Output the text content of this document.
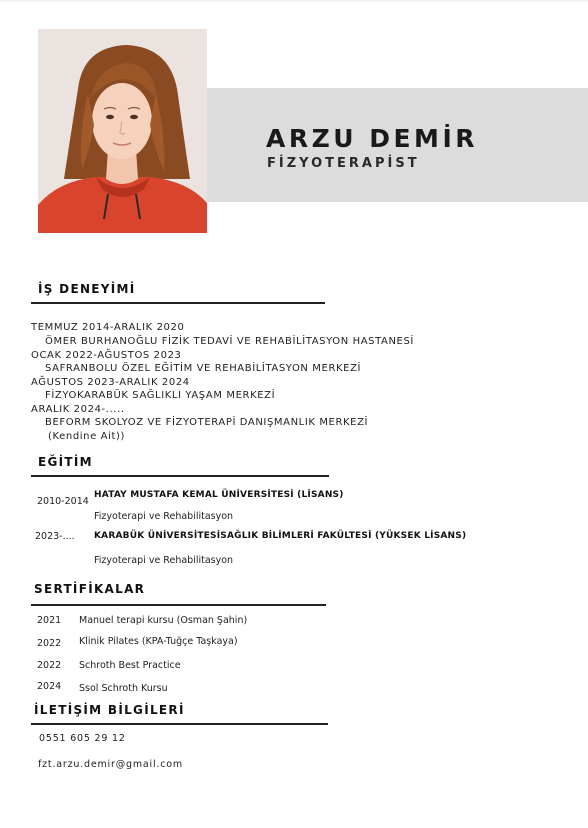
ARZU DEMİR
FİZYOTERAPİST
İŞ DENEYİMİ
TEMMUZ 2014-ARALIK 2020
ÖMER BURHANOĞLU FİZİK TEDAVİ VE REHABİLİTASYON HASTANESİ
OCAK 2022-AĞUSTOS 2023
SAFRANBOLU ÖZEL EĞİTİM VE REHABİLİTASYON MERKEZİ
AĞUSTOS 2023-ARALIK 2024
FİZYOKARABÜK SAĞLIKLI YAŞAM MERKEZİ
ARALIK 2024-.....
BEFORM SKOLYOZ VE FİZYOTERAPİ DANIŞMANLIK MERKEZİ
(Kendine Ait))
EĞİTİM
2010-2014
HATAY MUSTAFA KEMAL ÜNİVERSİTESİ (LİSANS)
Fizyoterapi ve Rehabilitasyon
2023-.... KARABÜK ÜNİVERSİTESİSAĞLIK BİLİMLERİ FAKÜLTESİ (YÜKSEK LİSANS)
Fizyoterapi ve Rehabilitasyon
SERTİFİKALAR
2021 Manuel terapi kursu (Osman Şahin)
2022 Klinik Pilates (KPA-Tuğçe Taşkaya)
2022 Schroth Best Practice
2024 Ssol Schroth Kursu
İLETİŞİM BİLGİLERİ
0551 605 29 12
fzt.arzu.demir@gmail.com
